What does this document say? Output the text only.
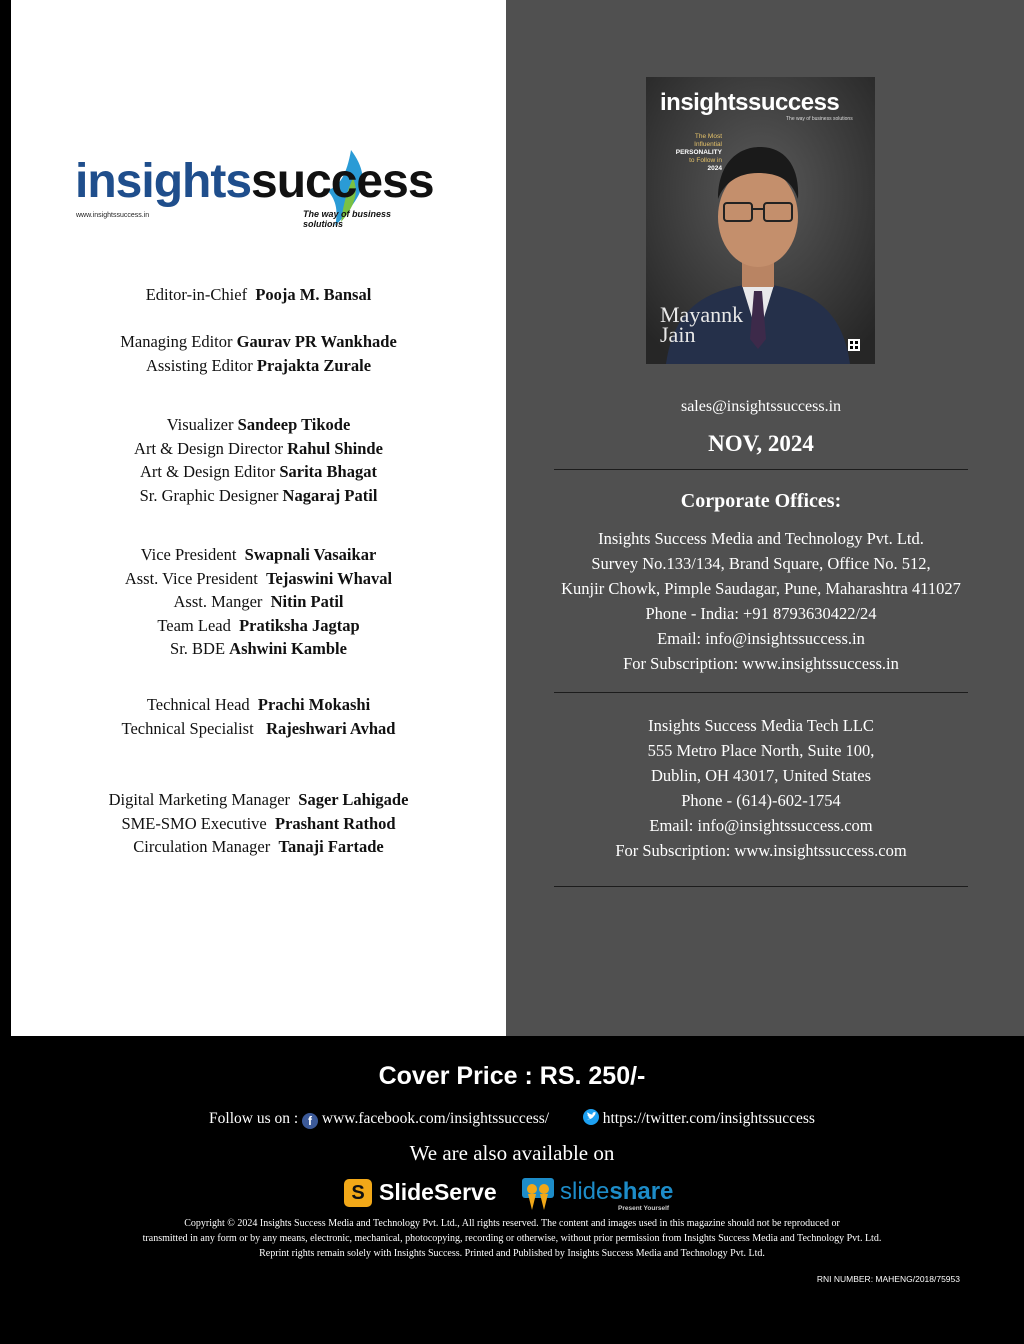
insightssuccess
www.insightssuccess.in	The way of business solutions
Editor-in-Chief Pooja M. Bansal
Managing Editor Gaurav PR Wankhade
Assisting Editor Prajakta Zurale
Visualizer Sandeep Tikode
Art & Design Director Rahul Shinde
Art & Design Editor Sarita Bhagat
Sr. Graphic Designer Nagaraj Patil
Vice President Swapnali Vasaikar
Asst. Vice President Tejaswini Whaval
Asst. Manger Nitin Patil
Team Lead Pratiksha Jagtap
Sr. BDE Ashwini Kamble
Technical Head Prachi Mokashi
Technical Specialist Rajeshwari Avhad
Digital Marketing Manager Sager Lahigade
SME-SMO Executive Prashant Rathod
Circulation Manager Tanaji Fartade
insightssuccess
The way of business solutions
The Most
Influential
PERSONALITY
to Follow in
2024
Mayannk
Jain
sales@insightssuccess.in
NOV, 2024
Corporate Offices:
Insights Success Media and Technology Pvt. Ltd.
Survey No.133/134, Brand Square, Office No. 512,
Kunjir Chowk, Pimple Saudagar, Pune, Maharashtra 411027
Phone - India: +91 8793630422/24
Email: info@insightssuccess.in
For Subscription: www.insightssuccess.in
Insights Success Media Tech LLC
555 Metro Place North, Suite 100,
Dublin, OH 43017, United States
Phone - (614)-602-1754
Email: info@insightssuccess.com
For Subscription: www.insightssuccess.com
Cover Price : RS. 250/-
Follow us on : f www.facebook.com/insightssuccess/	https://twitter.com/insightssuccess
We are also available on
S SlideServe	slideshare
Present Yourself
Copyright © 2024 Insights Success Media and Technology Pvt. Ltd., All rights reserved. The content and images used in this magazine should not be reproduced or
transmitted in any form or by any means, electronic, mechanical, photocopying, recording or otherwise, without prior permission from Insights Success Media and Technology Pvt. Ltd.
Reprint rights remain solely with Insights Success. Printed and Published by Insights Success Media and Technology Pvt. Ltd.
RNI NUMBER: MAHENG/2018/75953
